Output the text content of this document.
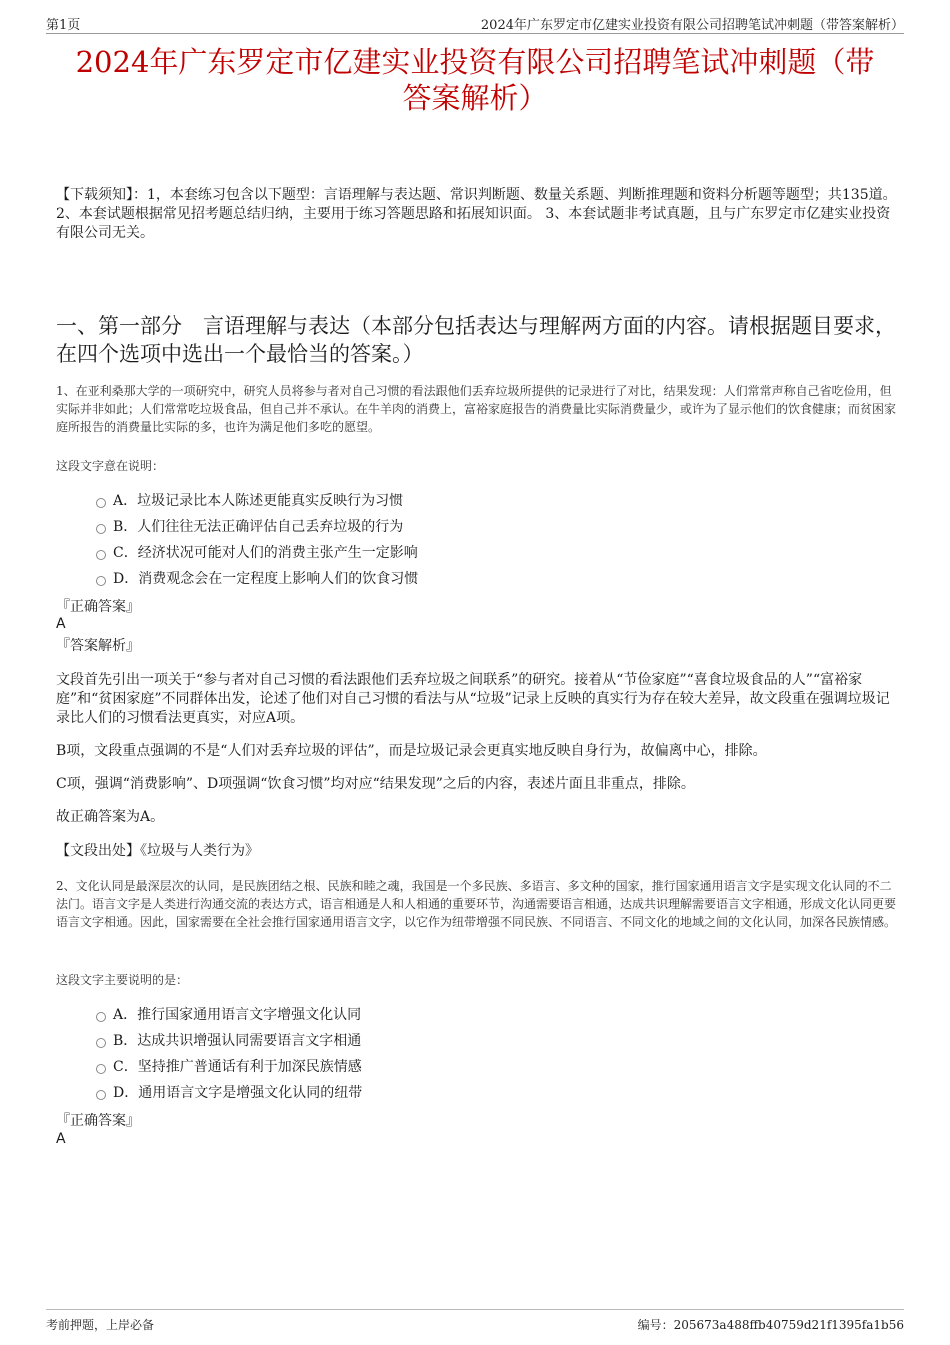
第1页	2024年广东罗定市亿建实业投资有限公司招聘笔试冲刺题（带答案解析）
2024年广东罗定市亿建实业投资有限公司招聘笔试冲刺题（带
答案解析）
【下载须知】：1，本套练习包含以下题型：言语理解与表达题、常识判断题、数量关系题、判断推理题和资料分析题等题型；共135道。 2、本套试题根据常见招考题总结归纳，主要用于练习答题思路和拓展知识面。 3、本套试题非考试真题，且与广东罗定市亿建实业投资有限公司无关。
一、第一部分　言语理解与表达（本部分包括表达与理解两方面的内容。请根据题目要求，在四个选项中选出一个最恰当的答案。）
1、在亚利桑那大学的一项研究中，研究人员将参与者对自己习惯的看法跟他们丢弃垃圾所提供的记录进行了对比，结果发现：人们常常声称自己省吃俭用，但实际并非如此；人们常常吃垃圾食品，但自己并不承认。在牛羊肉的消费上，富裕家庭报告的消费量比实际消费量少，或许为了显示他们的饮食健康；而贫困家庭所报告的消费量比实际的多，也许为满足他们多吃的愿望。
这段文字意在说明：
A．垃圾记录比本人陈述更能真实反映行为习惯
B．人们往往无法正确评估自己丢弃垃圾的行为
C．经济状况可能对人们的消费主张产生一定影响
D．消费观念会在一定程度上影响人们的饮食习惯
『正确答案』
A
『答案解析』
文段首先引出一项关于“参与者对自己习惯的看法跟他们丢弃垃圾之间联系”的研究。接着从“节俭家庭”“喜食垃圾食品的人”“富裕家庭”和“贫困家庭”不同群体出发，论述了他们对自己习惯的看法与从“垃圾”记录上反映的真实行为存在较大差异，故文段重在强调垃圾记录比人们的习惯看法更真实，对应A项。
B项，文段重点强调的不是“人们对丢弃垃圾的评估”，而是垃圾记录会更真实地反映自身行为，故偏离中心，排除。
C项，强调“消费影响”、D项强调“饮食习惯”均对应“结果发现”之后的内容，表述片面且非重点，排除。
故正确答案为A。
【文段出处】《垃圾与人类行为》
2、文化认同是最深层次的认同，是民族团结之根、民族和睦之魂，我国是一个多民族、多语言、多文种的国家，推行国家通用语言文字是实现文化认同的不二法门。语言文字是人类进行沟通交流的表达方式，语言相通是人和人相通的重要环节，沟通需要语言相通，达成共识理解需要语言文字相通，形成文化认同更要语言文字相通。因此，国家需要在全社会推行国家通用语言文字，以它作为纽带增强不同民族、不同语言、不同文化的地域之间的文化认同，加深各民族情感。
这段文字主要说明的是：
A．推行国家通用语言文字增强文化认同
B．达成共识增强认同需要语言文字相通
C．坚持推广普通话有利于加深民族情感
D．通用语言文字是增强文化认同的纽带
『正确答案』
A
考前押题，上岸必备	编号：205673a488ffb40759d21f1395fa1b56
